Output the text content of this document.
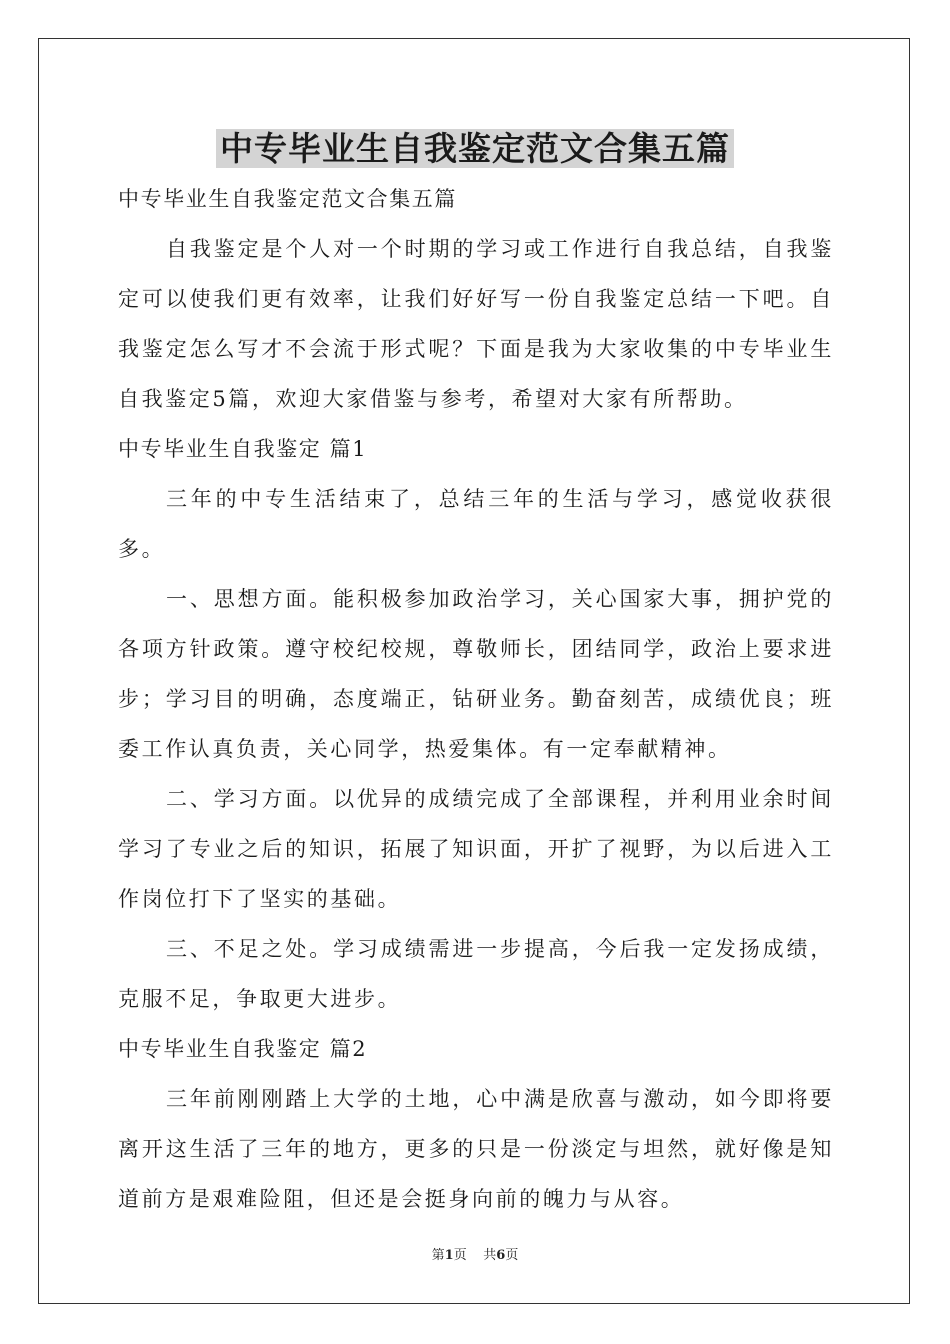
中专毕业生自我鉴定范文合集五篇

中专毕业生自我鉴定范文合集五篇

自我鉴定是个人对一个时期的学习或工作进行自我总结，自我鉴定可以使我们更有效率，让我们好好写一份自我鉴定总结一下吧。自我鉴定怎么写才不会流于形式呢？下面是我为大家收集的中专毕业生自我鉴定5篇，欢迎大家借鉴与参考，希望对大家有所帮助。

中专毕业生自我鉴定 篇1

三年的中专生活结束了，总结三年的生活与学习，感觉收获很多。

一、思想方面。能积极参加政治学习，关心国家大事，拥护党的各项方针政策。遵守校纪校规，尊敬师长，团结同学，政治上要求进步；学习目的明确，态度端正，钻研业务。勤奋刻苦，成绩优良；班委工作认真负责，关心同学，热爱集体。有一定奉献精神。

二、学习方面。以优异的成绩完成了全部课程，并利用业余时间学习了专业之后的知识，拓展了知识面，开扩了视野，为以后进入工作岗位打下了坚实的基础。

三、不足之处。学习成绩需进一步提高，今后我一定发扬成绩，克服不足，争取更大进步。

中专毕业生自我鉴定 篇2

三年前刚刚踏上大学的土地，心中满是欣喜与激动，如今即将要离开这生活了三年的地方，更多的只是一份淡定与坦然，就好像是知道前方是艰难险阻，但还是会挺身向前的魄力与从容。

第1页 共6页
